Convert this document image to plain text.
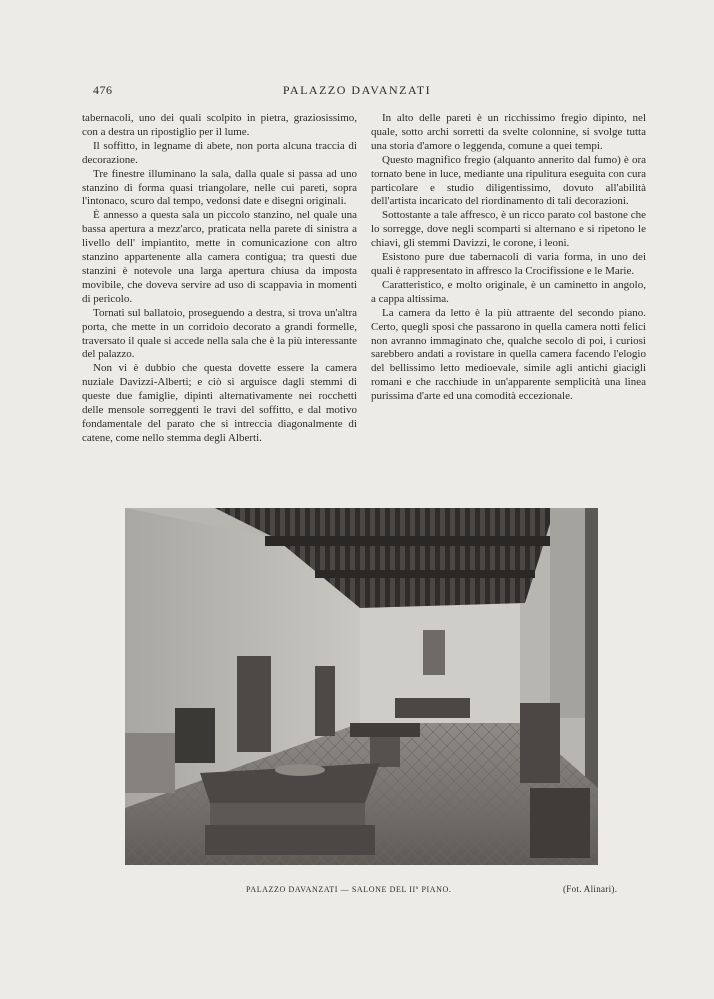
476	PALAZZO DAVANZATI

tabernacoli, uno dei quali scolpito in pietra, graziosissimo, con a destra un ripostiglio per il lume.

Il soffitto, in legname di abete, non porta alcuna traccia di decorazione.

Tre finestre illuminano la sala, dalla quale si passa ad uno stanzino di forma quasi triangolare, nelle cui pareti, sopra l'intonaco, scuro dal tempo, vedonsi date e disegni originali.

È annesso a questa sala un piccolo stanzino, nel quale una bassa apertura a mezz'arco, praticata nella parete di sinistra a livello dell' impiantito, mette in comunicazione con altro stanzino appartenente alla camera contigua; tra questi due stanzini è notevole una larga apertura chiusa da imposta movibile, che doveva servire ad uso di scappavia in momenti di pericolo.

Tornati sul ballatoio, proseguendo a destra, si trova un'altra porta, che mette in un corridoio decorato a grandi formelle, traversato il quale si accede nella sala che è la più interessante del palazzo.

Non vi è dubbio che questa dovette essere la camera nuziale Davizzi-Alberti; e ciò si arguisce dagli stemmi di queste due famiglie, dipinti alternativamente nei rocchetti delle mensole sorreggenti le travi del soffitto, e dal motivo fondamentale del parato che si intreccia diagonalmente di catene, come nello stemma degli Alberti.

In alto delle pareti è un ricchissimo fregio dipinto, nel quale, sotto archi sorretti da svelte colonnine, si svolge tutta una storia d'amore o leggenda, comune a quei tempi.

Questo magnifico fregio (alquanto annerito dal fumo) è ora tornato bene in luce, mediante una ripulitura eseguita con cura particolare e studio diligentissimo, dovuto all'abilità dell'artista incaricato del riordinamento di tali decorazioni.

Sottostante a tale affresco, è un ricco parato col bastone che lo sorregge, dove negli scomparti si alternano e si ripetono le chiavi, gli stemmi Davizzi, le corone, i leoni.

Esistono pure due tabernacoli di varia forma, in uno dei quali è rappresentato in affresco la Crocifissione e le Marie.

Caratteristico, e molto originale, è un caminetto in angolo, a cappa altissima.

La camera da letto è la più attraente del secondo piano. Certo, quegli sposi che passarono in quella camera notti felici non avranno immaginato che, qualche secolo di poi, i curiosi sarebbero andati a rovistare in quella camera facendo l'elogio del bellissimo letto medioevale, simile agli antichi giacigli romani e che racchiude in un'apparente semplicità una linea purissima d'arte ed una comodità eccezionale.

PALAZZO DAVANZATI — SALONE DEL IIº PIANO.	(Fot. Alinari).
